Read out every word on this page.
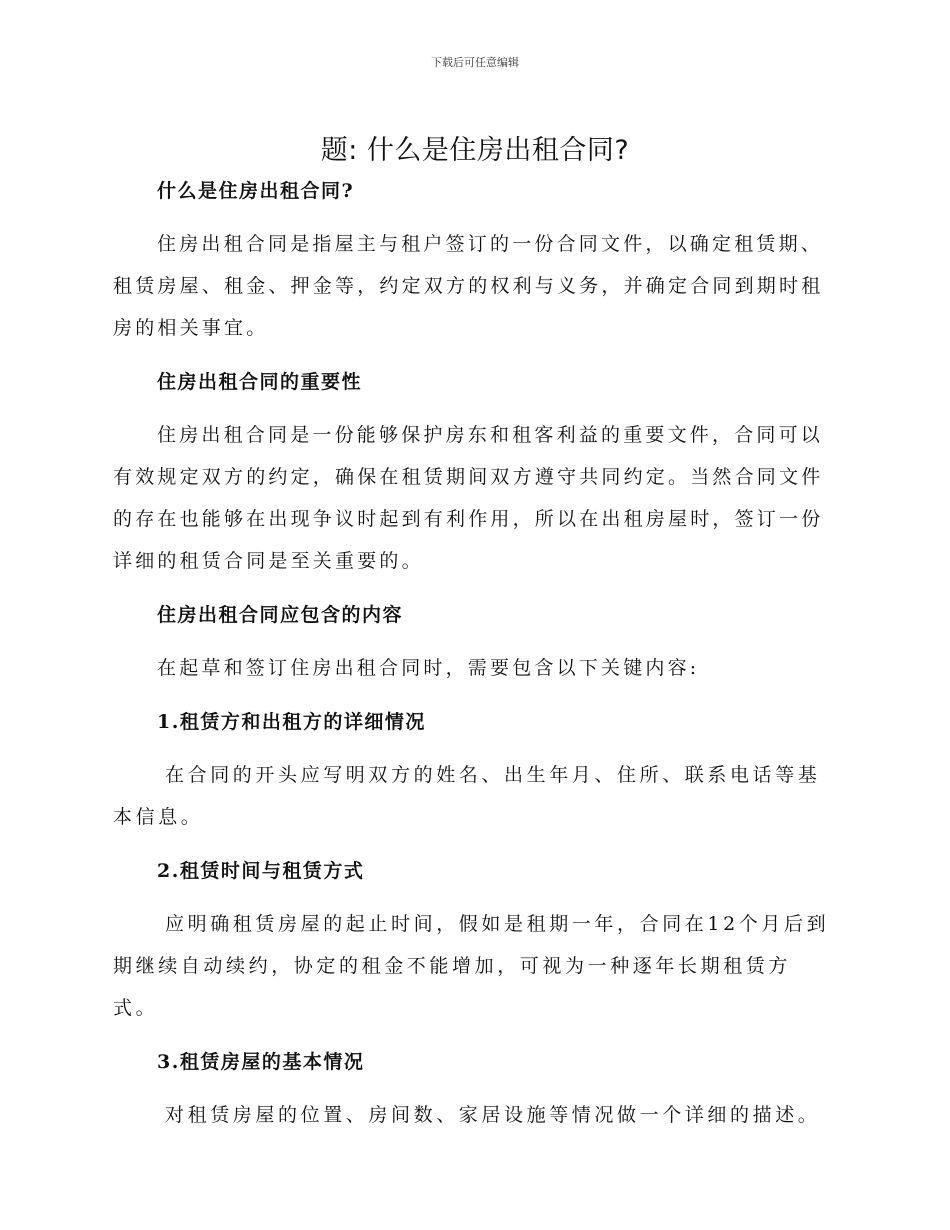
下载后可任意编辑
题: 什么是住房出租合同?
什么是住房出租合同?

住房出租合同是指屋主与租户签订的一份合同文件，以确定租赁期、租赁房屋、租金、押金等，约定双方的权利与义务，并确定合同到期时租房的相关事宜。

住房出租合同的重要性

住房出租合同是一份能够保护房东和租客利益的重要文件，合同可以有效规定双方的约定，确保在租赁期间双方遵守共同约定。当然合同文件的存在也能够在出现争议时起到有利作用，所以在出租房屋时，签订一份详细的租赁合同是至关重要的。

住房出租合同应包含的内容

在起草和签订住房出租合同时，需要包含以下关键内容:

1.租赁方和出租方的详细情况

在合同的开头应写明双方的姓名、出生年月、住所、联系电话等基本信息。

2.租赁时间与租赁方式

应明确租赁房屋的起止时间，假如是租期一年，合同在12个月后到期继续自动续约，协定的租金不能增加，可视为一种逐年长期租赁方式。

3.租赁房屋的基本情况

对租赁房屋的位置、房间数、家居设施等情况做一个详细的描述。
